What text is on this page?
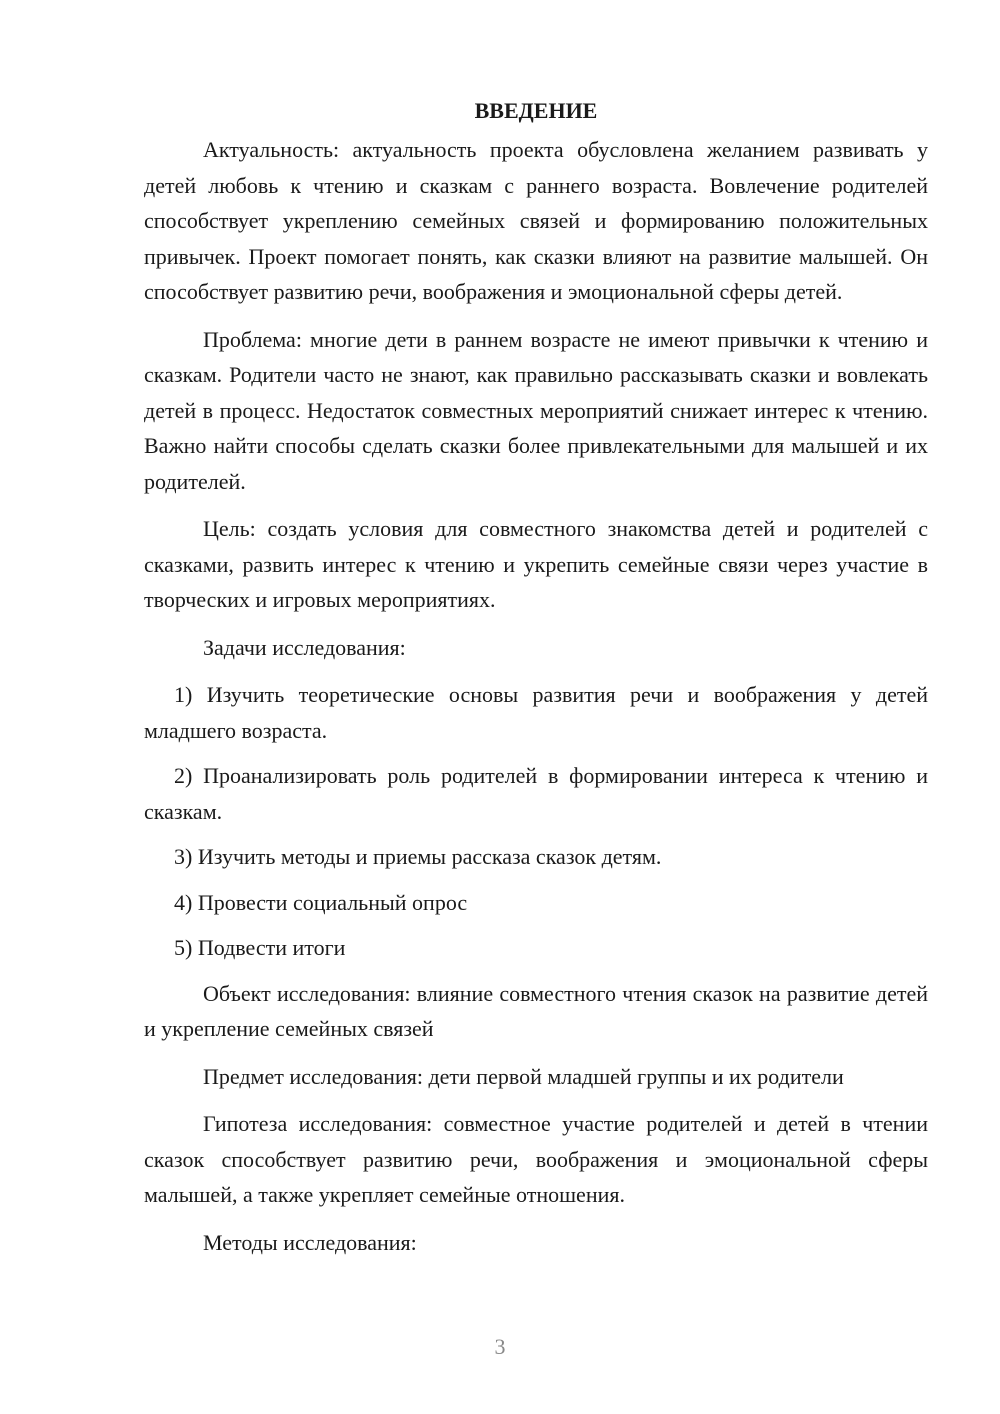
ВВЕДЕНИЕ

Актуальность: актуальность проекта обусловлена желанием развивать у детей любовь к чтению и сказкам с раннего возраста. Вовлечение родителей способствует укреплению семейных связей и формированию положительных привычек. Проект помогает понять, как сказки влияют на развитие малышей. Он способствует развитию речи, воображения и эмоциональной сферы детей.

Проблема: многие дети в раннем возрасте не имеют привычки к чтению и сказкам. Родители часто не знают, как правильно рассказывать сказки и вовлекать детей в процесс. Недостаток совместных мероприятий снижает интерес к чтению. Важно найти способы сделать сказки более привлекательными для малышей и их родителей.

Цель: создать условия для совместного знакомства детей и родителей с сказками, развить интерес к чтению и укрепить семейные связи через участие в творческих и игровых мероприятиях.

Задачи исследования:

1) Изучить теоретические основы развития речи и воображения у детей младшего возраста.

2) Проанализировать роль родителей в формировании интереса к чтению и сказкам.

3) Изучить методы и приемы рассказа сказок детям.

4) Провести социальный опрос

5) Подвести итоги

Объект исследования: влияние совместного чтения сказок на развитие детей и укрепление семейных связей

Предмет исследования: дети первой младшей группы и их родители

Гипотеза исследования: совместное участие родителей и детей в чтении сказок способствует развитию речи, воображения и эмоциональной сферы малышей, а также укрепляет семейные отношения.

Методы исследования:

3
